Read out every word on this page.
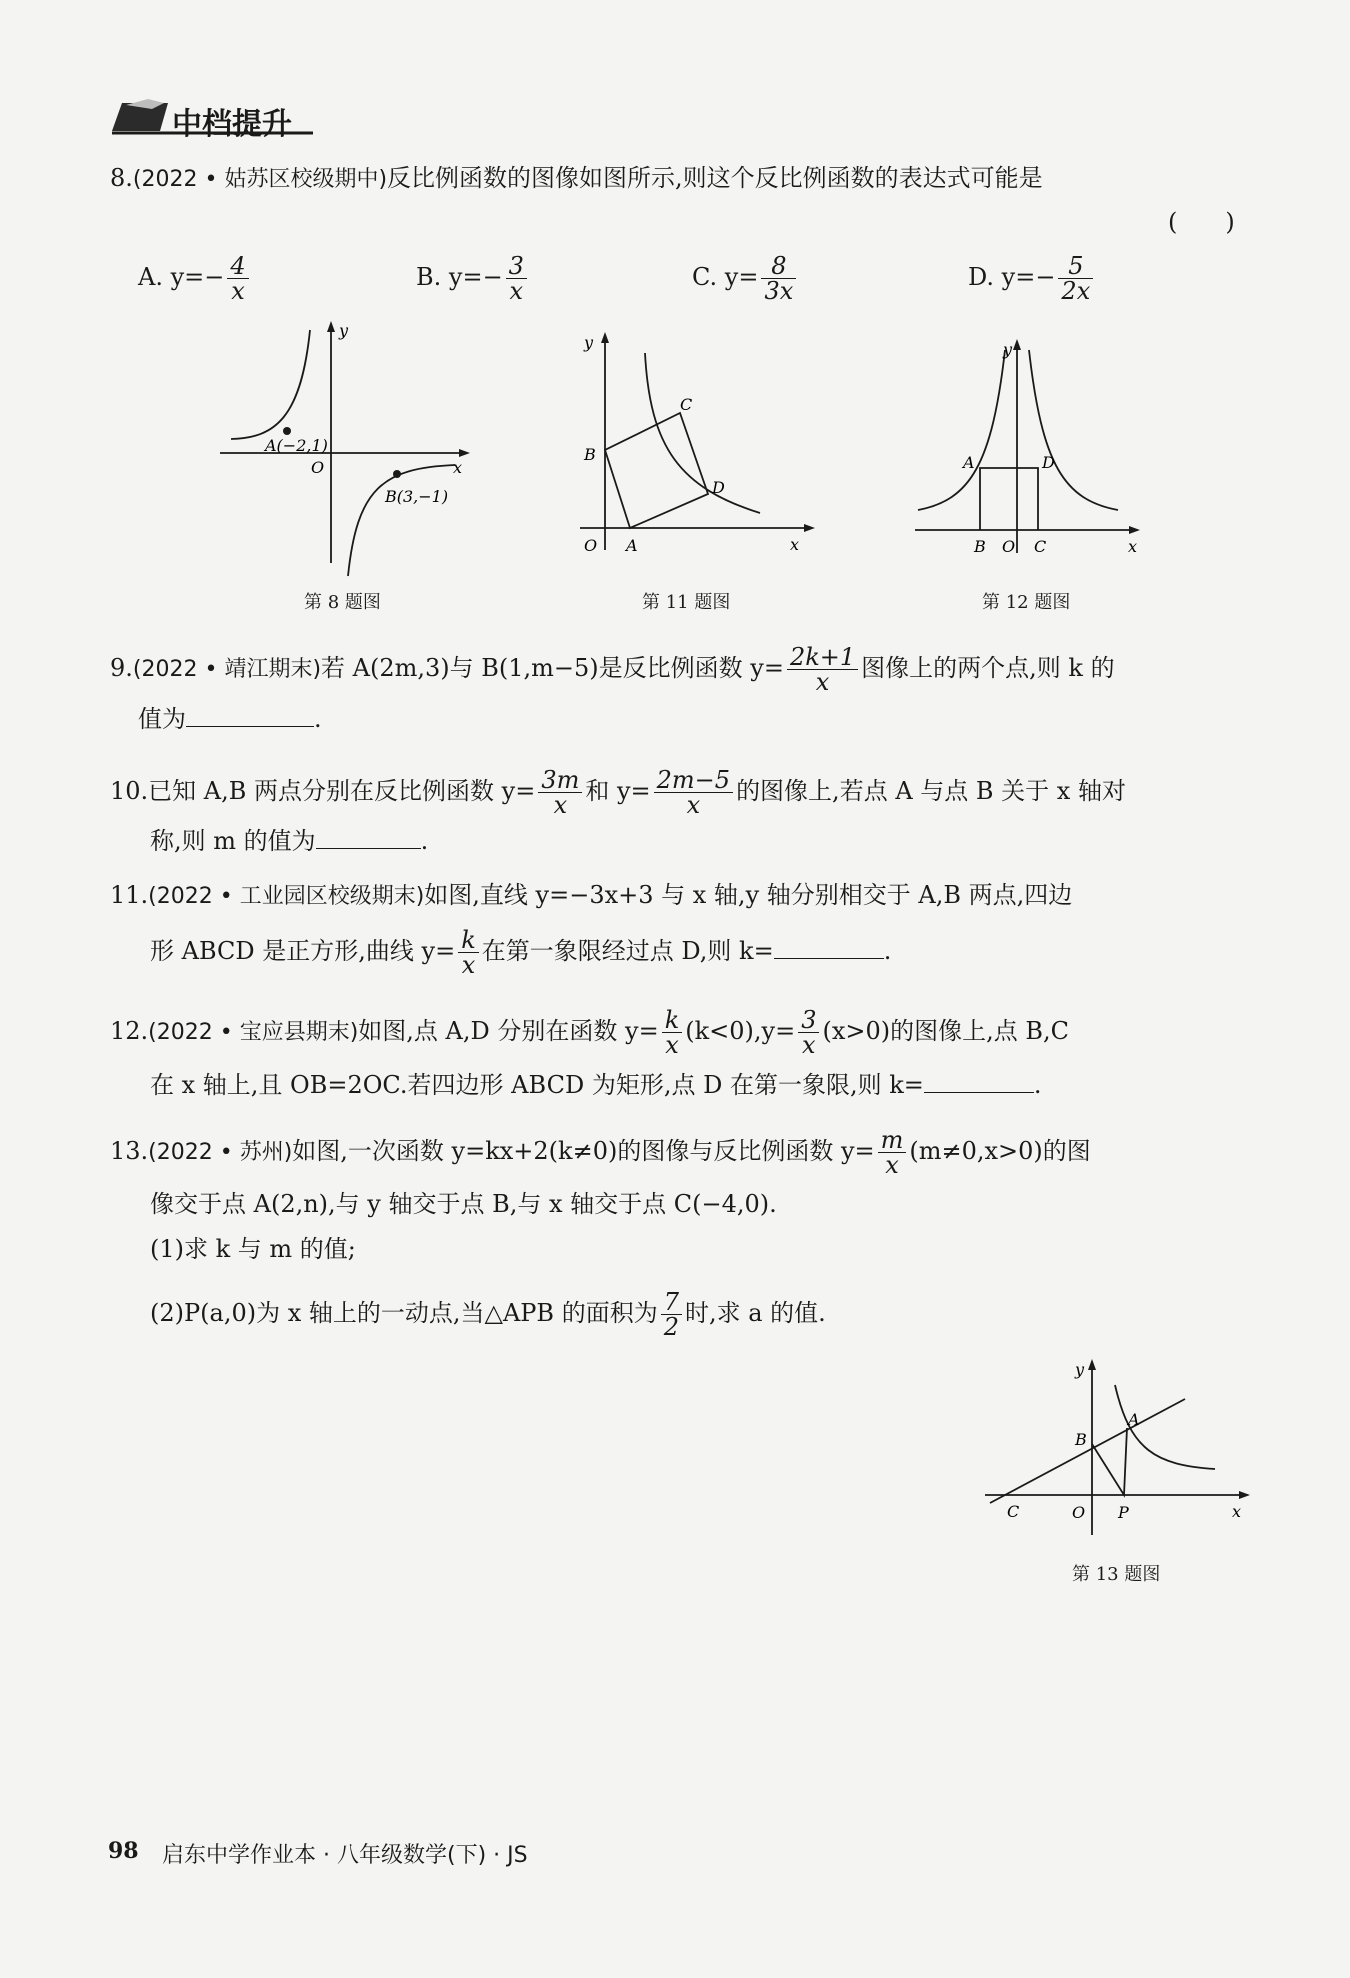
中档提升
8.(2022 • 姑苏区校级期中)反比例函数的图像如图所示,则这个反比例函数的表达式可能是
(　　)
A. $y=- \frac{4}{x}$	B. $y=- \frac{3}{x}$	C. $y= \frac{8}{3x}$	D. $y=- \frac{5}{2x}$
A(−2,1)
B(3,−1)
O	x
y
第 8 题图
O A
B
C
D
x
y
第 11 题图
A	D
B O C	x
y
第 12 题图
9.(2022 • 靖江期末)若 A(2m,3)与 B(1,m−5)是反比例函数 $y= \frac{2k+1}{x}$ 图像上的两个点,则 k 的
值为	.
10.已知 A,B 两点分别在反比例函数 $y= \frac{3m}{x}$ 和 $y= \frac{2m-5}{x}$ 的图像上,若点 A 与点 B 关于 x 轴对
称,则 m 的值为	.
11.(2022 • 工业园区校级期末)如图,直线 y=−3x+3 与 x 轴,y 轴分别相交于 A,B 两点,四边
形 ABCD 是正方形,曲线 $y= \frac{k}{x}$ 在第一象限经过点 D,则 k=	.
12.(2022 • 宝应县期末)如图,点 A,D 分别在函数 $y= \frac{k}{x} (k<0),y= \frac{3}{x} (x>0)$的图像上,点 B,C
在 x 轴上,且 OB=2OC.若四边形 ABCD 为矩形,点 D 在第一象限,则 k=	.
13.(2022 • 苏州)如图,一次函数 y=kx+2(k≠0)的图像与反比例函数 $y= \frac{m}{x} (m\ne 0,x>0)$的图
像交于点 A(2,n),与 y 轴交于点 B,与 x 轴交于点 C(−4,0).
(1)求 k 与 m 的值;
(2)P(a,0)为 x 轴上的一动点,当△APB 的面积为 $\frac{7}{2}$ 时,求 a 的值.
C	O P
B
A
x
y
第 13 题图
98 启东中学作业本 · 八年级数学(下) · JS
